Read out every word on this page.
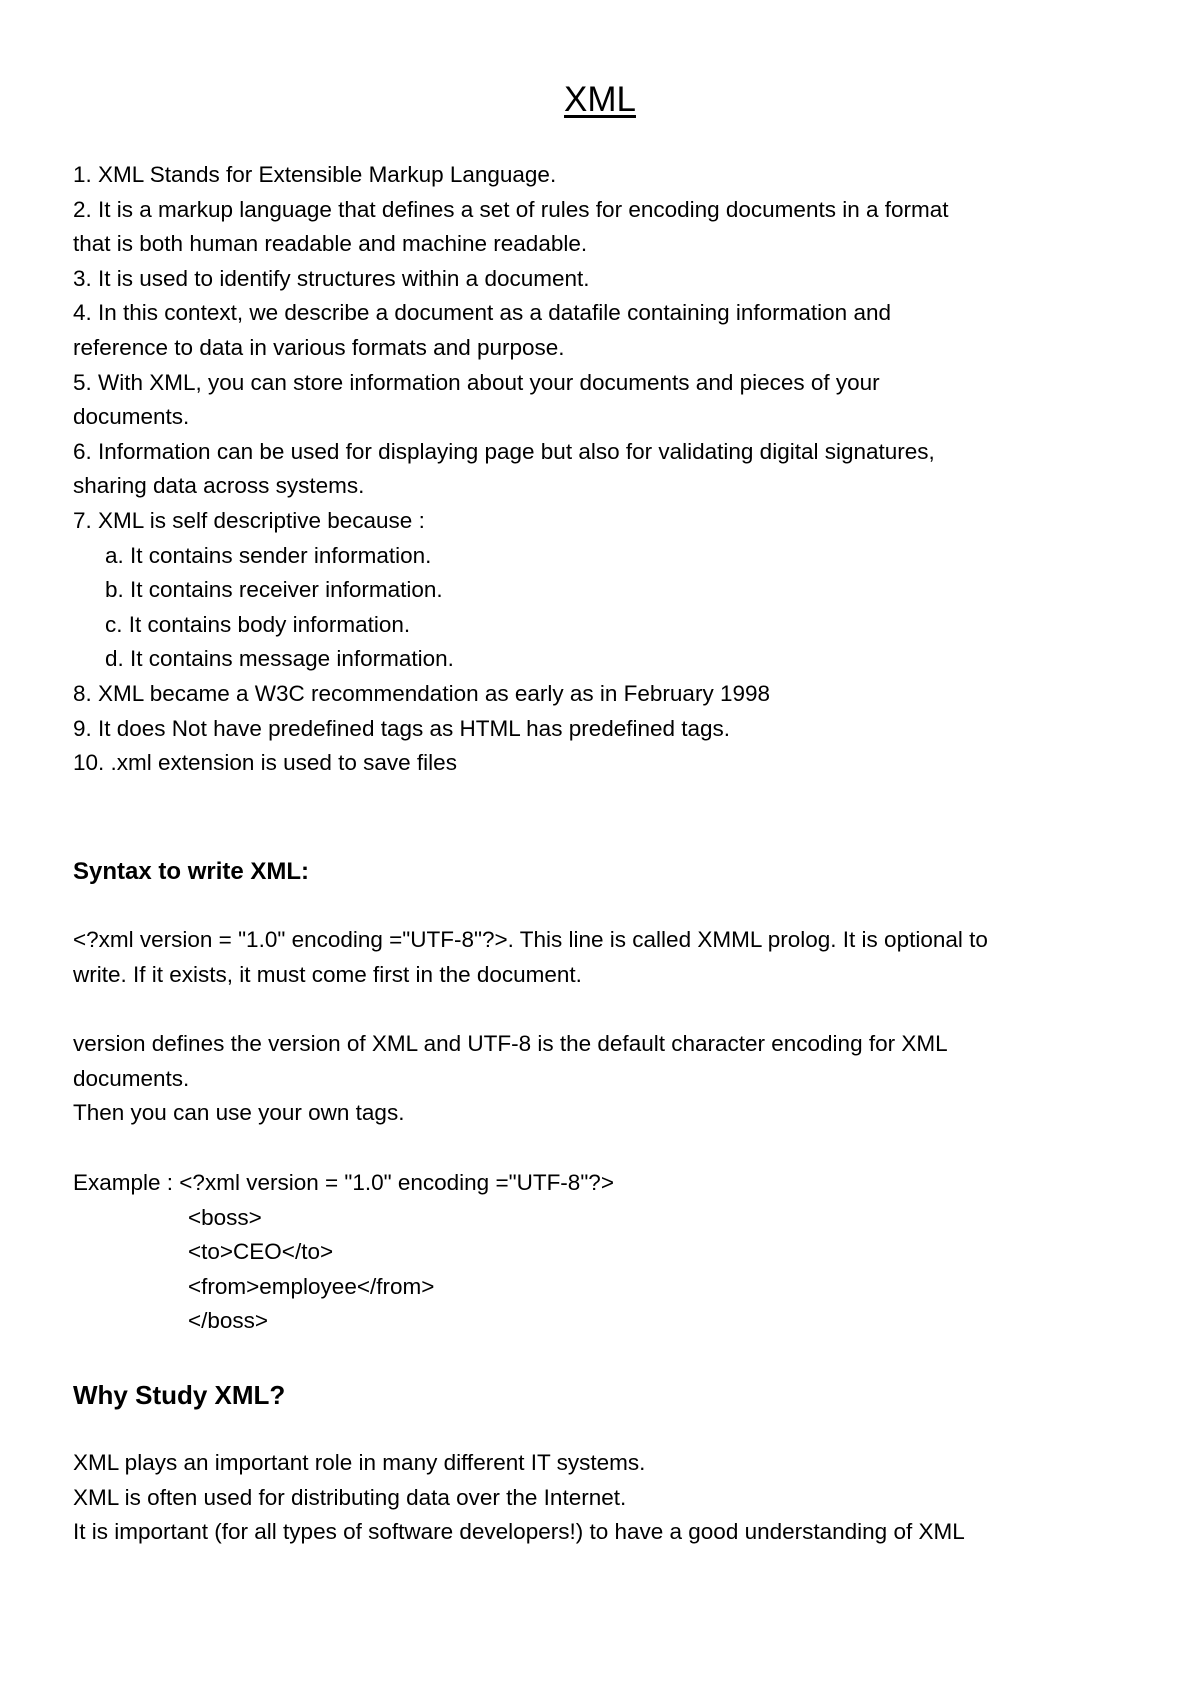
XML
1. XML Stands for Extensible Markup Language.
2. It is a markup language that defines a set of rules for encoding documents in a format
that is both human readable and machine readable.
3. It is used to identify structures within a document.
4. In this context, we describe a document as a datafile containing information and
reference to data in various formats and purpose.
5. With XML, you can store information about your documents and pieces of your
documents.
6. Information can be used for displaying page but also for validating digital signatures,
sharing data across systems.
7. XML is self descriptive because :
a. It contains sender information.
b. It contains receiver information.
c. It contains body information.
d. It contains message information.
8. XML became a W3C recommendation as early as in February 1998
9. It does Not have predefined tags as HTML has predefined tags.
10. .xml extension is used to save files
Syntax to write XML:
<?xml version = "1.0" encoding ="UTF-8"?>. This line is called XMML prolog. It is optional to
write. If it exists, it must come first in the document.
version defines the version of XML and UTF-8 is the default character encoding for XML
documents.
Then you can use your own tags.
Example : <?xml version = "1.0" encoding ="UTF-8"?>
<boss>
<to>CEO</to>
<from>employee</from>
</boss>
Why Study XML?
XML plays an important role in many different IT systems.
XML is often used for distributing data over the Internet.
It is important (for all types of software developers!) to have a good understanding of XML
